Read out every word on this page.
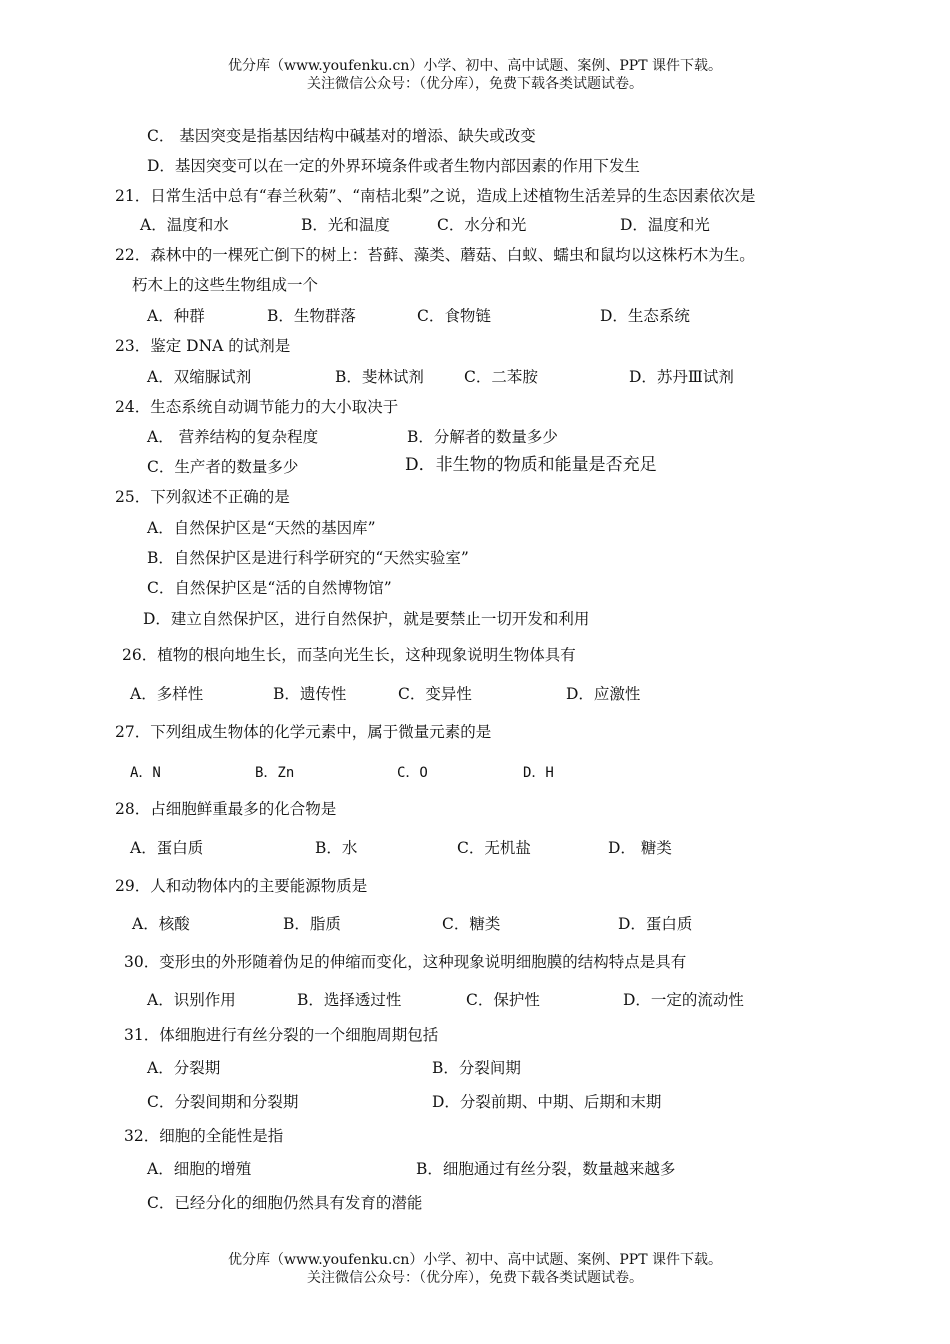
优分库（www.youfenku.cn）小学、初中、高中试题、案例、PPT 课件下载。
关注微信公众号：（优分库），免费下载各类试题试卷。
C． 基因突变是指基因结构中碱基对的增添、缺失或改变
D．基因突变可以在一定的外界环境条件或者生物内部因素的作用下发生
21．日常生活中总有“春兰秋菊”、“南桔北梨”之说，造成上述植物生活差异的生态因素依次是
A．温度和水	B．光和温度	C．水分和光	D．温度和光
22．森林中的一棵死亡倒下的树上：苔藓、藻类、蘑菇、白蚁、蠕虫和鼠均以这株朽木为生。
朽木上的这些生物组成一个
A．种群	B．生物群落	C．食物链	D．生态系统
23．鉴定 DNA 的试剂是
A．双缩脲试剂	B．斐林试剂	C．二苯胺	D．苏丹Ⅲ试剂
24．生态系统自动调节能力的大小取决于
A． 营养结构的复杂程度	B．分解者的数量多少
C．生产者的数量多少	D．非生物的物质和能量是否充足
25．下列叙述不正确的是
A．自然保护区是“天然的基因库”
B．自然保护区是进行科学研究的“天然实验室”
C．自然保护区是“活的自然博物馆”
D．建立自然保护区，进行自然保护，就是要禁止一切开发和利用
26．植物的根向地生长，而茎向光生长，这种现象说明生物体具有
A．多样性	B．遗传性	C．变异性	D．应激性
27．下列组成生物体的化学元素中，属于微量元素的是
A．N	B．Zn	C．O	D．H
28．占细胞鲜重最多的化合物是
A．蛋白质	B．水	C．无机盐	D． 糖类
29．人和动物体内的主要能源物质是
A．核酸	B．脂质	C．糖类	D．蛋白质
30．变形虫的外形随着伪足的伸缩而变化，这种现象说明细胞膜的结构特点是具有
A．识别作用	B．选择透过性	C．保护性	D．一定的流动性
31．体细胞进行有丝分裂的一个细胞周期包括
A．分裂期	B．分裂间期
C．分裂间期和分裂期	D．分裂前期、中期、后期和末期
32．细胞的全能性是指
A．细胞的增殖	B．细胞通过有丝分裂，数量越来越多
C．已经分化的细胞仍然具有发育的潜能
优分库（www.youfenku.cn）小学、初中、高中试题、案例、PPT 课件下载。
关注微信公众号：（优分库），免费下载各类试题试卷。
